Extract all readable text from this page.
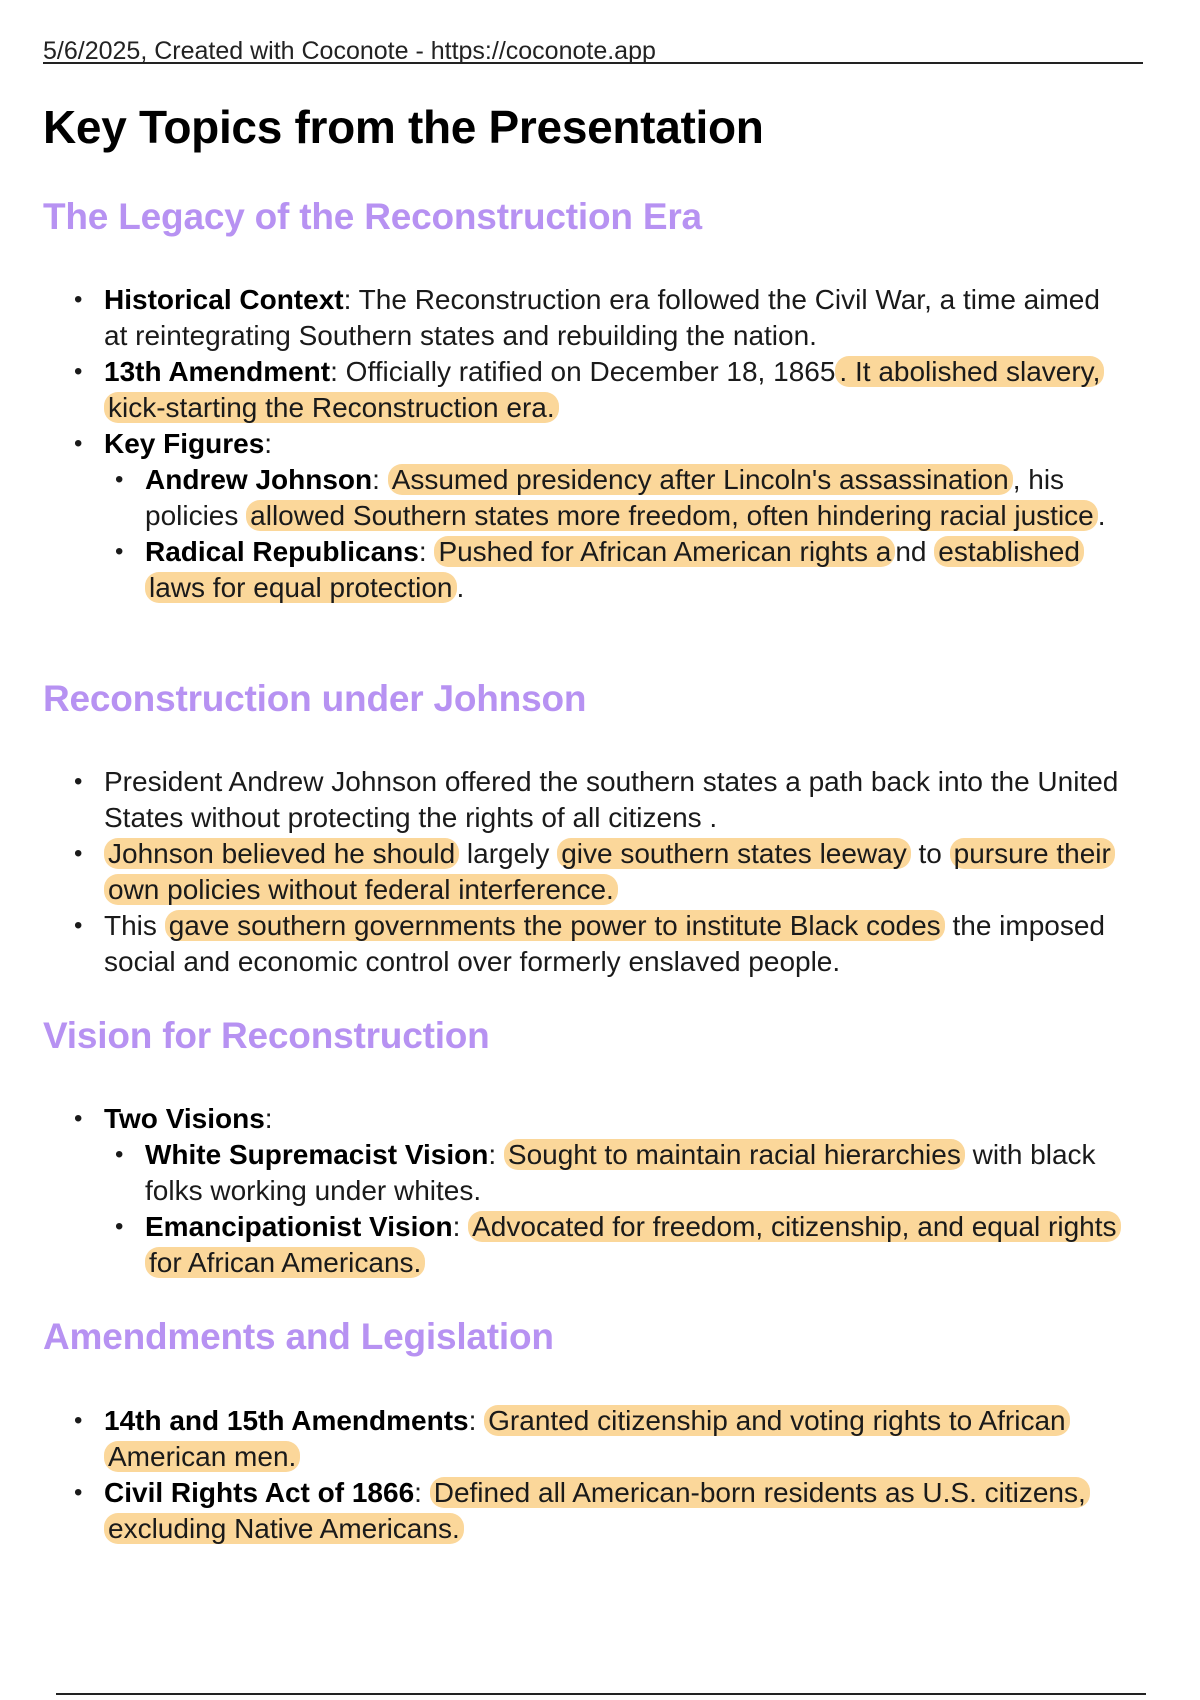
5/6/2025, Created with Coconote - https://coconote.app
Key Topics from the Presentation
The Legacy of the Reconstruction Era
• Historical Context: The Reconstruction era followed the Civil War, a time aimed at reintegrating Southern states and rebuilding the nation.
• 13th Amendment: Officially ratified on December 18, 1865 . It abolished slavery, kick-starting the Reconstruction era.
• Key Figures:
• Andrew Johnson: Assumed presidency after Lincoln's assassination , his policies allowed Southern states more freedom, often hindering racial justice .
• Radical Republicans: Pushed for African American rights a nd established laws for equal protection .
Reconstruction under Johnson
• President Andrew Johnson offered the southern states a path back into the United States without protecting the rights of all citizens .
• Johnson believed he should largely give southern states leeway to pursure their own policies without federal interference.
• This gave southern governments the power to institute Black codes the imposed social and economic control over formerly enslaved people.
Vision for Reconstruction
• Two Visions:
• White Supremacist Vision: Sought to maintain racial hierarchies with black folks working under whites.
• Emancipationist Vision: Advocated for freedom, citizenship, and equal rights for African Americans.
Amendments and Legislation
• 14th and 15th Amendments: Granted citizenship and voting rights to African American men.
• Civil Rights Act of 1866: Defined all American-born residents as U.S. citizens, excluding Native Americans.
